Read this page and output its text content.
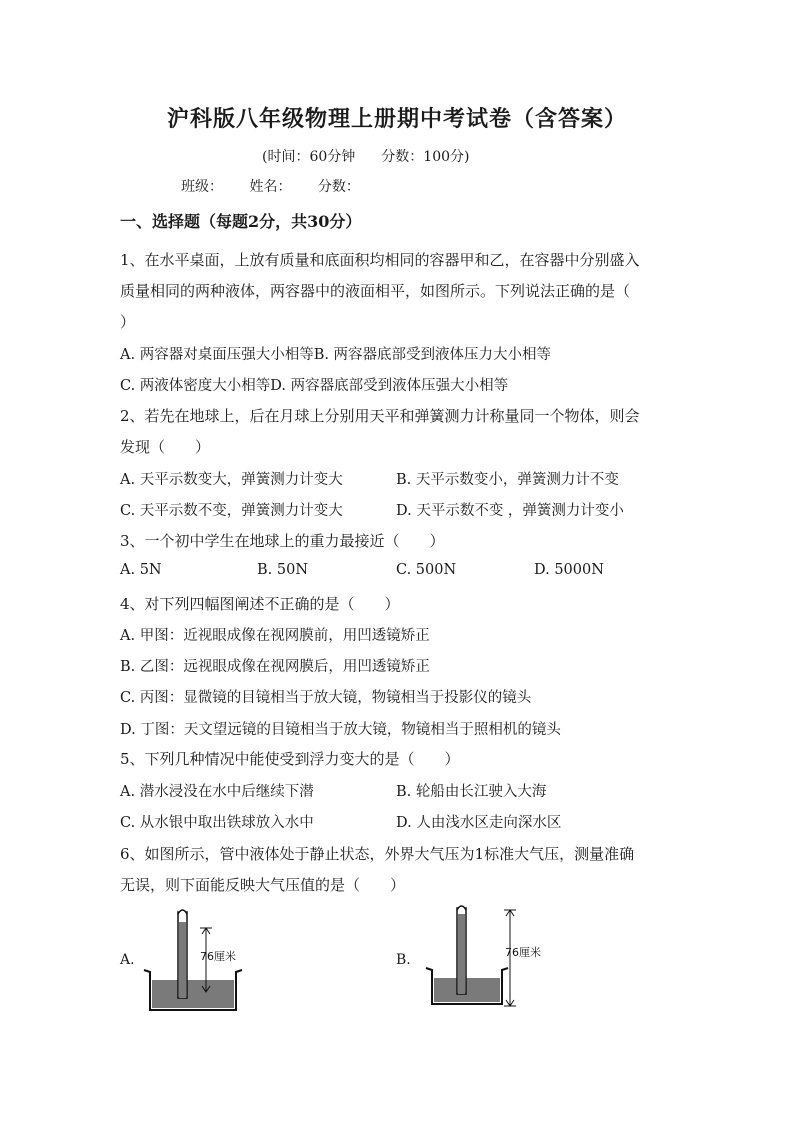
沪科版八年级物理上册期中考试卷（含答案）
(时间：60分钟 分数：100分)
班级： 姓名： 分数：
一、选择题（每题2分，共30分）
1、在水平桌面，上放有质量和底面积均相同的容器甲和乙，在容器中分别盛入
质量相同的两种液体，两容器中的液面相平，如图所示。下列说法正确的是（
）
A. 两容器对桌面压强大小相等B. 两容器底部受到液体压力大小相等
C. 两液体密度大小相等D. 两容器底部受到液体压强大小相等
2、若先在地球上，后在月球上分别用天平和弹簧测力计称量同一个物体，则会
发现（　　）
A. 天平示数变大，弹簧测力计变大	B. 天平示数变小，弹簧测力计不变
C. 天平示数不变，弹簧测力计变大	D. 天平示数不变 ，弹簧测力计变小
3、一个初中学生在地球上的重力最接近（　　）
A. 5N	B. 50N	C. 500N	D. 5000N
4、对下列四幅图阐述不正确的是（　　）
A. 甲图：近视眼成像在视网膜前，用凹透镜矫正
B. 乙图：远视眼成像在视网膜后，用凹透镜矫正
C. 丙图：显微镜的目镜相当于放大镜，物镜相当于投影仪的镜头
D. 丁图：天文望远镜的目镜相当于放大镜，物镜相当于照相机的镜头
5、下列几种情况中能使受到浮力变大的是（　　）
A. 潜水浸没在水中后继续下潜	B. 轮船由长江驶入大海
C. 从水银中取出铁球放入水中	D. 人由浅水区走向深水区
6、如图所示，管中液体处于静止状态，外界大气压为1标准大气压，测量准确
无误，则下面能反映大气压值的是（　　）
A.	B.
76厘米	76厘米
